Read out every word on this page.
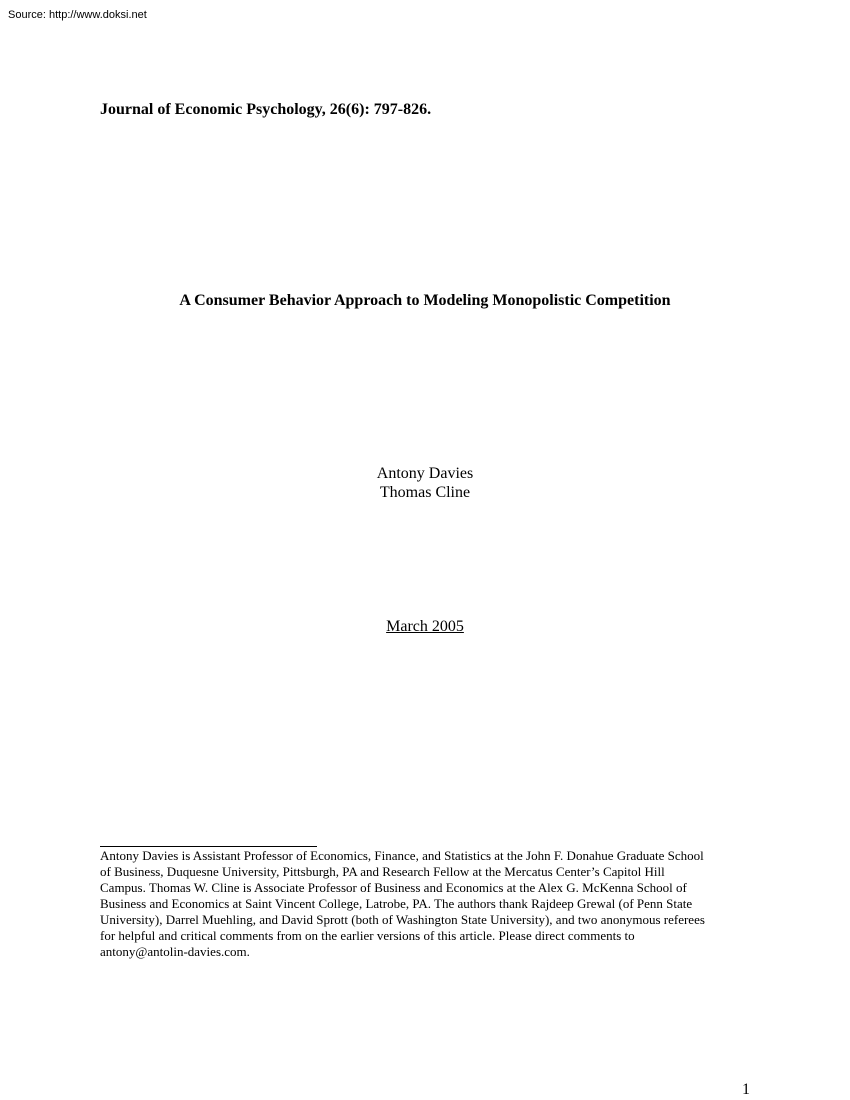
Source: http://www.doksi.net
Journal of Economic Psychology, 26(6): 797-826.
A Consumer Behavior Approach to Modeling Monopolistic Competition
Antony Davies
Thomas Cline
March 2005
Antony Davies is Assistant Professor of Economics, Finance, and Statistics at the John F. Donahue Graduate School
of Business, Duquesne University, Pittsburgh, PA and Research Fellow at the Mercatus Center’s Capitol Hill
Campus. Thomas W. Cline is Associate Professor of Business and Economics at the Alex G. McKenna School of
Business and Economics at Saint Vincent College, Latrobe, PA. The authors thank Rajdeep Grewal (of Penn State
University), Darrel Muehling, and David Sprott (both of Washington State University), and two anonymous referees
for helpful and critical comments from on the earlier versions of this article. Please direct comments to
antony@antolin-davies.com.
1
